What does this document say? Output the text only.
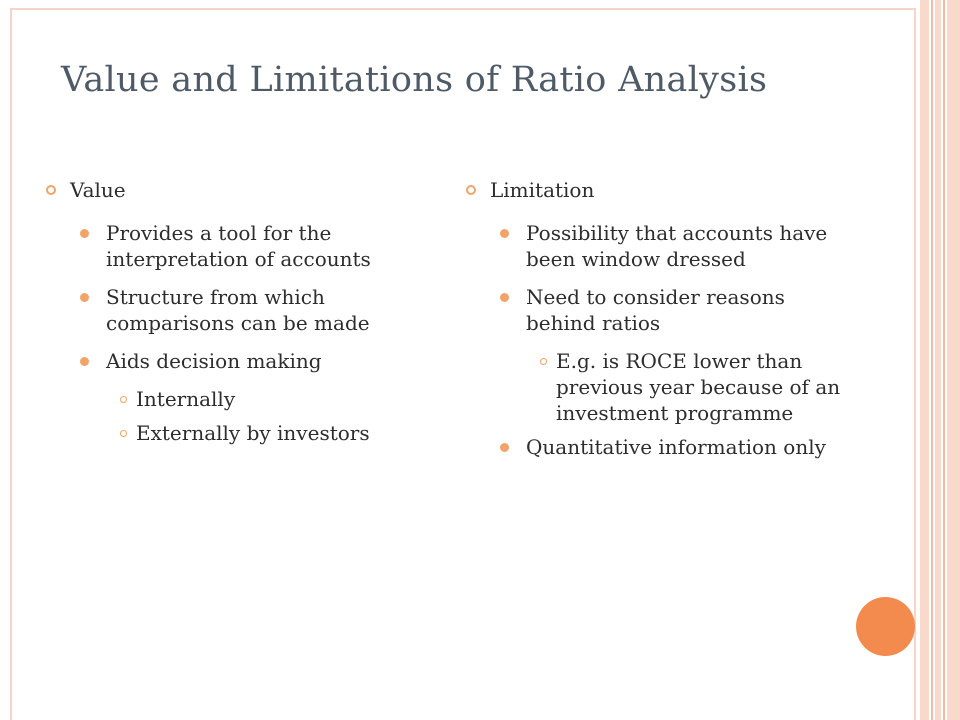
Value and Limitations of Ratio Analysis
Value
Provides a tool for the interpretation of accounts
Structure from which comparisons can be made
Aids decision making
Internally
Externally by investors
Limitation
Possibility that accounts have been window dressed
Need to consider reasons behind ratios
E.g. is ROCE lower than previous year because of an investment programme
Quantitative information only
